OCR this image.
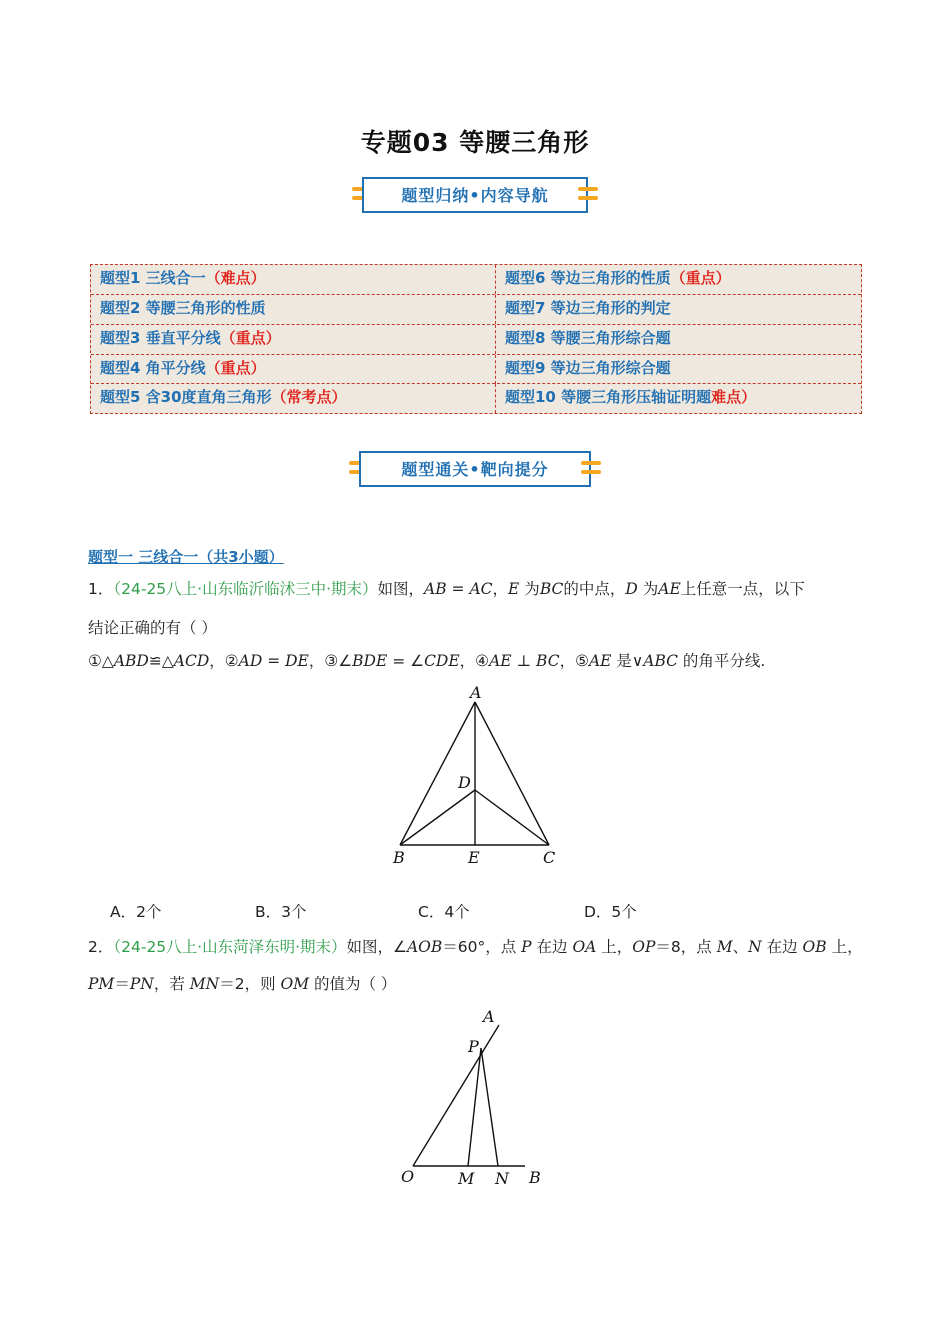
专题03 等腰三角形
题型归纳•内容导航
题型1 三线合一（难点）	题型6 等边三角形的性质（重点）
题型2 等腰三角形的性质	题型7 等边三角形的判定
题型3 垂直平分线（重点）	题型8 等腰三角形综合题
题型4 角平分线（重点）	题型9 等边三角形综合题
题型5 含30度直角三角形（常考点）	题型10 等腰三角形压轴证明题难点）
题型通关•靶向提分
题型一 三线合一（共3小题）
1．（24-25八上·山东临沂临沭三中·期末）如图，AB = AC，E 为BC的中点，D 为AE上任意一点，以下
结论正确的有（ ）
①△ABD≌△ACD，②AD = DE，③∠BDE = ∠CDE，④AE ⊥ BC，⑤AE 是∨ABC 的角平分线.
A
D
B	E	C
A．2个	B．3个	C．4个	D．5个
2．（24-25八上·山东菏泽东明·期末）如图，∠AOB＝60°，点 P 在边 OA 上，OP＝8，点 M、N 在边 OB 上，
PM＝PN，若 MN＝2，则 OM 的值为（ ）
A
P
O	M N B
